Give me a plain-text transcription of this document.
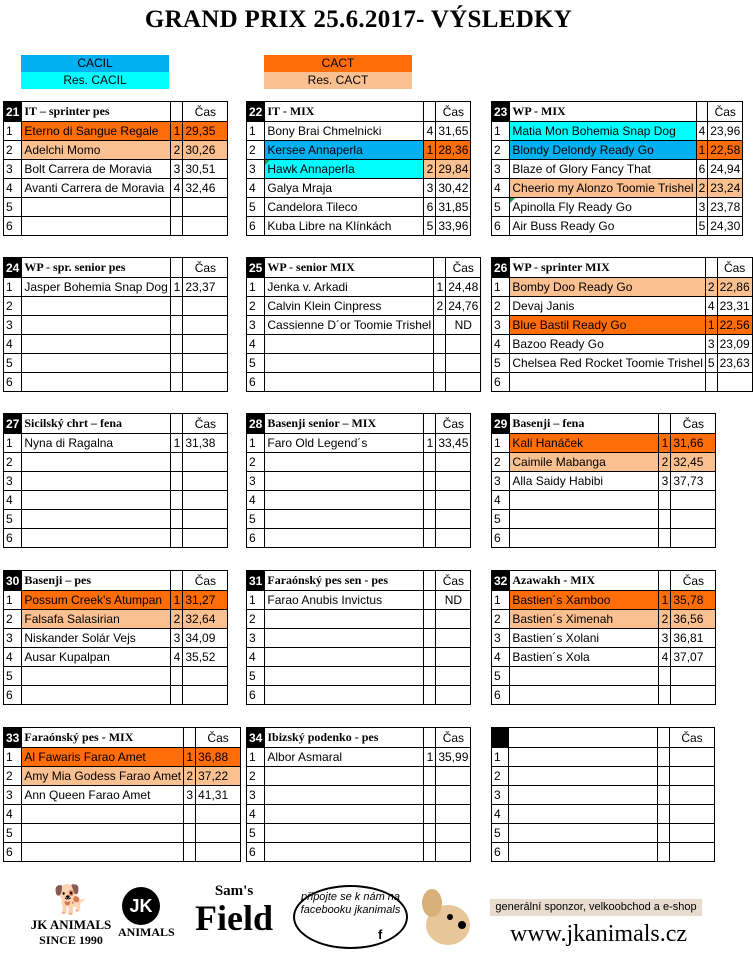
GRAND PRIX 25.6.2017- VÝSLEDKY
CACIL
Res. CACIL
CACT
Res. CACT
21	IT – sprinter pes		Čas
1	Eterno di Sangue Regale	1	29,35
2	Adelchi Momo	2	30,26
3	Bolt Carrera de Moravia	3	30,51
4	Avanti Carrera de Moravia	4	32,46
5			
6			
22	IT - MIX		Čas
1	Bony Brai Chmelnicki	4	31,65
2	Kersee Annaperla	1	28,36
3	Hawk Annaperla	2	29,84
4	Galya Mraja	3	30,42
5	Candelora Tileco	6	31,85
6	Kuba Libre na Klínkách	5	33,96
23	WP - MIX		Čas
1	Matia Mon Bohemia Snap Dog	4	23,96
2	Blondy Delondy Ready Go	1	22,58
3	Blaze of Glory Fancy That	6	24,94
4	Cheerio my Alonzo Toomie Trishel	2	23,24
5	Apinolla Fly Ready Go	3	23,78
6	Air Buss Ready Go	5	24,30
24	WP - spr. senior pes		Čas
1	Jasper Bohemia Snap Dog	1	23,37
2			
3			
4			
5			
6			
25	WP - senior MIX		Čas
1	Jenka v. Arkadi	1	24,48
2	Calvin Klein Cinpress	2	24,76
3	Cassienne D´or Toomie Trishel		ND
4			
5			
6			
26	WP - sprinter MIX		Čas
1	Bomby Doo Ready Go	2	22,86
2	Devaj Janis	4	23,31
3	Blue Bastil Ready Go	1	22,56
4	Bazoo Ready Go	3	23,09
5	Chelsea Red Rocket Toomie Trishel	5	23,63
6			
27	Sicilský chrt – fena		Čas
1	Nyna di Ragalna	1	31,38
2			
3			
4			
5			
6			
28	Basenji senior – MIX		Čas
1	Faro Old Legend´s	1	33,45
2			
3			
4			
5			
6			
29	Basenji – fena		Čas
1	Kali Hanáček	1	31,66
2	Caimile Mabanga	2	32,45
3	Alla Saidy Habibi	3	37,73
4			
5			
6			
30	Basenji – pes		Čas
1	Possum Creek's Atumpan	1	31,27
2	Falsafa Salasirian	2	32,64
3	Niskander Solár Vejs	3	34,09
4	Ausar Kupalpan	4	35,52
5			
6			
31	Faraónský pes sen - pes		Čas
1	Farao Anubis Invictus		ND
2			
3			
4			
5			
6			
32	Azawakh - MIX		Čas
1	Bastien´s Xamboo	1	35,78
2	Bastien´s Ximenah	2	36,56
3	Bastien´s Xolani	3	36,81
4	Bastien´s Xola	4	37,07
5			
6			
33	Faraónský pes - MIX		Čas
1	Al Fawaris Farao Amet	1	36,88
2	Amy Mia Godess Farao Amet	2	37,22
3	Ann Queen Farao Amet	3	41,31
4			
5			
6			
34	Ibizský podenko - pes		Čas
1	Albor Asmaral	1	35,99
2			
3			
4			
5			
6			
			Čas
1			
2			
3			
4			
5			
6			
🐕
JK ANIMALS
SINCE 1990
JK
ANIMALS
Sam's
Field
připojte se k nám na facebooku jkanimals
f
generální sponzor, velkoobchod a e-shop
www.jkanimals.cz
